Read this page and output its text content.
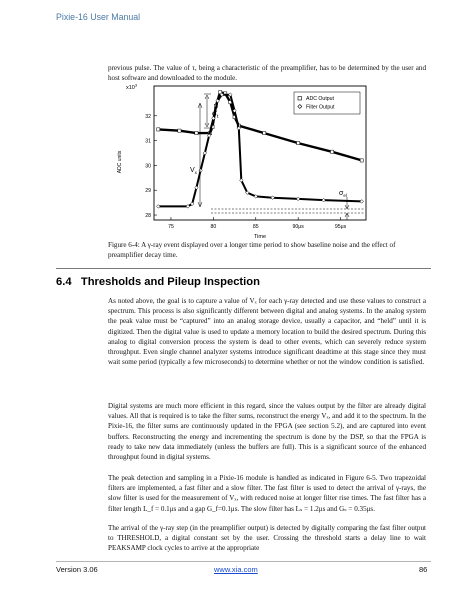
Pixie-16 User Manual

previous pulse. The value of τ, being a characteristic of the preamplifier, has to be determined by the user and host software and downloaded to the module.

$x10^3$
ADC units
32
31
30
29
28
75	80	85	90μs	95μs
Time
$\sigma_t$
$V_x$
$\sigma_{el}$
ADC Output
Filter Output

Figure 6-4: A γ-ray event displayed over a longer time period to show baseline noise and the effect of preamplifier decay time.

6.4 Thresholds and Pileup Inspection

As noted above, the goal is to capture a value of Vₓ for each γ-ray detected and use these values to construct a spectrum. This process is also significantly different between digital and analog systems. In the analog system the peak value must be “captured” into an analog storage device, usually a capacitor, and “held” until it is digitized. Then the digital value is used to update a memory location to build the desired spectrum. During this analog to digital conversion process the system is dead to other events, which can severely reduce system throughput. Even single channel analyzer systems introduce significant deadtime at this stage since they must wait some period (typically a few microseconds) to determine whether or not the window condition is satisfied.

Digital systems are much more efficient in this regard, since the values output by the filter are already digital values. All that is required is to take the filter sums, reconstruct the energy Vₓ, and add it to the spectrum. In the Pixie-16, the filter sums are continuously updated in the FPGA (see section 5.2), and are captured into event buffers. Reconstructing the energy and incrementing the spectrum is done by the DSP, so that the FPGA is ready to take new data immediately (unless the buffers are full). This is a significant source of the enhanced throughput found in digital systems.

The peak detection and sampling in a Pixie-16 module is handled as indicated in Figure 6-5. Two trapezoidal filters are implemented, a fast filter and a slow filter. The fast filter is used to detect the arrival of γ-rays, the slow filter is used for the measurement of Vₓ, with reduced noise at longer filter rise times. The fast filter has a filter length L_f = 0.1μs and a gap G_f=0.1μs. The slow filter has Lₛ = 1.2μs and Gₛ = 0.35μs.

The arrival of the γ-ray step (in the preamplifier output) is detected by digitally comparing the fast filter output to THRESHOLD, a digital constant set by the user. Crossing the threshold starts a delay line to wait PEAKSAMP clock cycles to arrive at the appropriate

Version 3.06	www.xia.com	86
